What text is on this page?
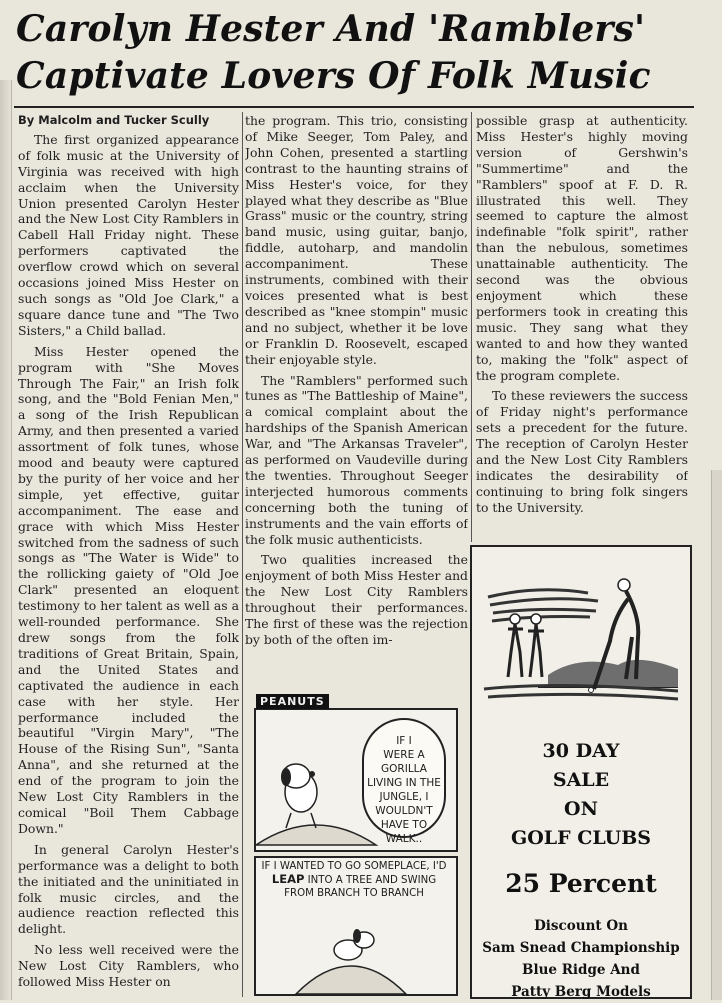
Carolyn Hester And 'Ramblers'
Captivate Lovers Of Folk Music
By Malcolm and Tucker Scully

The first organized appearance of folk music at the University of Virginia was received with high acclaim when the University Union presented Carolyn Hester and the New Lost City Ramblers in Cabell Hall Friday night. These performers captivated the overflow crowd which on several occasions joined Miss Hester on such songs as "Old Joe Clark," a square dance tune and "The Two Sisters," a Child ballad.

Miss Hester opened the program with "She Moves Through The Fair," an Irish folk song, and the "Bold Fenian Men," a song of the Irish Republican Army, and then presented a varied assortment of folk tunes, whose mood and beauty were captured by the purity of her voice and her simple, yet effective, guitar accompaniment. The ease and grace with which Miss Hester switched from the sadness of such songs as "The Water is Wide" to the rollicking gaiety of "Old Joe Clark" presented an eloquent testimony to her talent as well as a well-rounded performance. She drew songs from the folk traditions of Great Britain, Spain, and the United States and captivated the audience in each case with her style. Her performance included the beautiful "Virgin Mary", "The House of the Rising Sun", "Santa Anna", and she returned at the end of the program to join the New Lost City Ramblers in the comical "Boil Them Cabbage Down."

In general Carolyn Hester's performance was a delight to both the initiated and the uninitiated in folk music circles, and the audience reaction reflected this delight.

No less well received were the New Lost City Ramblers, who followed Miss Hester on

the program. This trio, consisting of Mike Seeger, Tom Paley, and John Cohen, presented a startling contrast to the haunting strains of Miss Hester's voice, for they played what they describe as "Blue Grass" music or the country, string band music, using guitar, banjo, fiddle, autoharp, and mandolin accompaniment. These instruments, combined with their voices presented what is best described as "knee stompin" music and no subject, whether it be love or Franklin D. Roosevelt, escaped their enjoyable style.

The "Ramblers" performed such tunes as "The Battleship of Maine", a comical complaint about the hardships of the Spanish American War, and "The Arkansas Traveler", as performed on Vaudeville during the twenties. Throughout Seeger interjected humorous comments concerning both the tuning of instruments and the vain efforts of the folk music authenticists.

Two qualities increased the enjoyment of both Miss Hester and the New Lost City Ramblers throughout their performances. The first of these was the rejection by both of the often im-

possible grasp at authenticity. Miss Hester's highly moving version of Gershwin's "Summertime" and the "Ramblers" spoof at F. D. R. illustrated this well. They seemed to capture the almost indefinable "folk spirit", rather than the nebulous, sometimes unattainable authenticity. The second was the obvious enjoyment which these performers took in creating this music. They sang what they wanted to and how they wanted to, making the "folk" aspect of the program complete.

To these reviewers the success of Friday night's performance sets a precedent for the future. The reception of Carolyn Hester and the New Lost City Ramblers indicates the desirability of continuing to bring folk singers to the University.

IF I
WERE A
GORILLA
LIVING IN THE
JUNGLE, I
WOULDN'T
HAVE TO
WALK..
PEANUTS
IF I WANTED TO GO SOMEPLACE, I'D LEAP INTO A TREE AND SWING FROM BRANCH TO BRANCH
30 DAY
SALE
ON
GOLF CLUBS
25 Percent
Discount On
Sam Snead Championship
Blue Ridge And
Patty Berg Models
